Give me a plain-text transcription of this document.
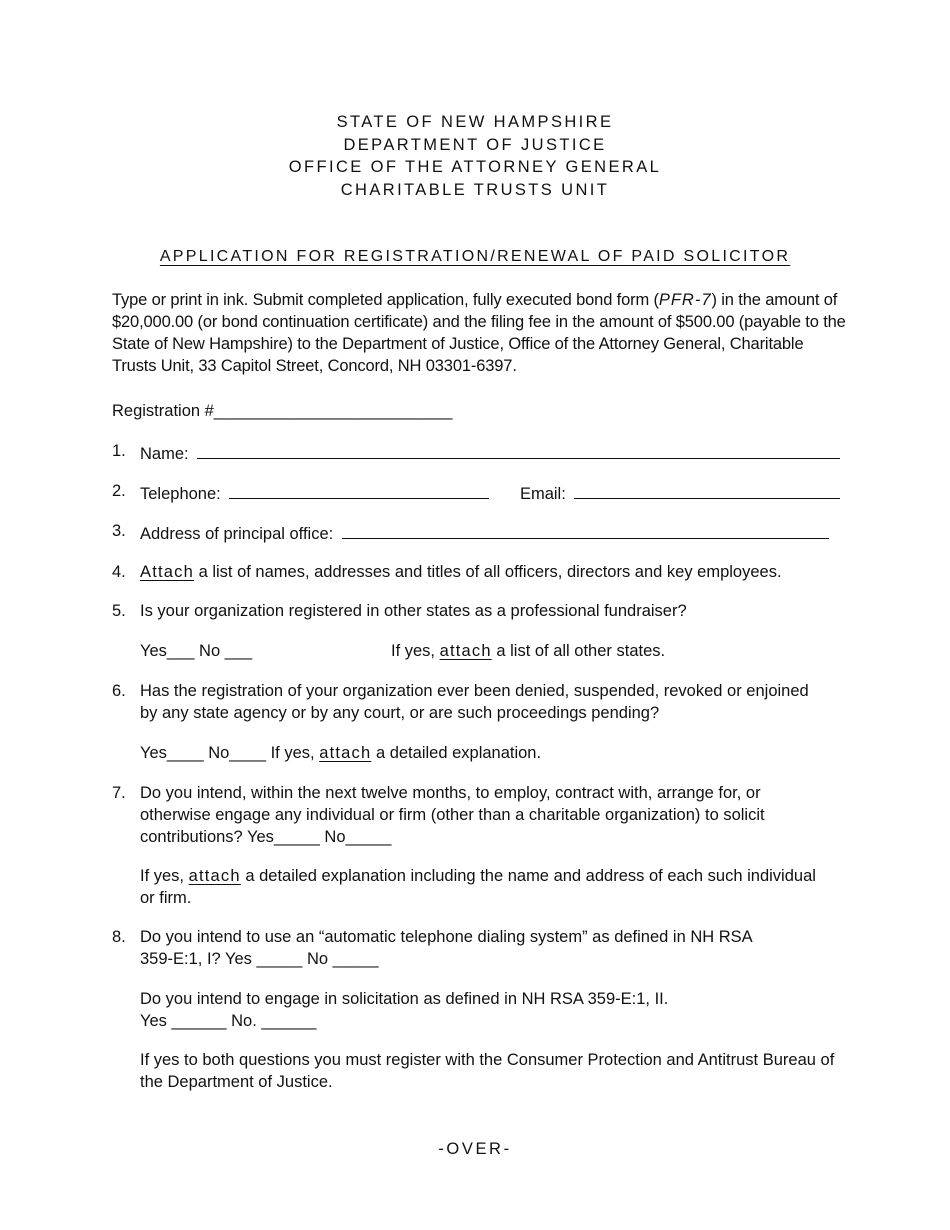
STATE OF NEW HAMPSHIRE
DEPARTMENT OF JUSTICE
OFFICE OF THE ATTORNEY GENERAL
CHARITABLE TRUSTS UNIT
APPLICATION FOR REGISTRATION/RENEWAL OF PAID SOLICITOR
Type or print in ink. Submit completed application, fully executed bond form (PFR-7) in the amount of $20,000.00 (or bond continuation certificate) and the filing fee in the amount of $500.00 (payable to the State of New Hampshire) to the Department of Justice, Office of the Attorney General, Charitable Trusts Unit, 33 Capitol Street, Concord, NH 03301-6397.
Registration #__________________________
1. Name:
2. Telephone:	Email:
3. Address of principal office:
4. Attach a list of names, addresses and titles of all officers, directors and key employees.
5. Is your organization registered in other states as a professional fundraiser?
Yes___ No ___	If yes, attach a list of all other states.
6. Has the registration of your organization ever been denied, suspended, revoked or enjoined by any state agency or by any court, or are such proceedings pending?
Yes____ No____ If yes, attach a detailed explanation.
7. Do you intend, within the next twelve months, to employ, contract with, arrange for, or otherwise engage any individual or firm (other than a charitable organization) to solicit contributions? Yes_____ No_____
If yes, attach a detailed explanation including the name and address of each such individual or firm.
8. Do you intend to use an “automatic telephone dialing system” as defined in NH RSA 359-E:1, I? Yes _____ No _____
Do you intend to engage in solicitation as defined in NH RSA 359-E:1, II.
Yes ______ No. ______
If yes to both questions you must register with the Consumer Protection and Antitrust Bureau of the Department of Justice.
-OVER-
